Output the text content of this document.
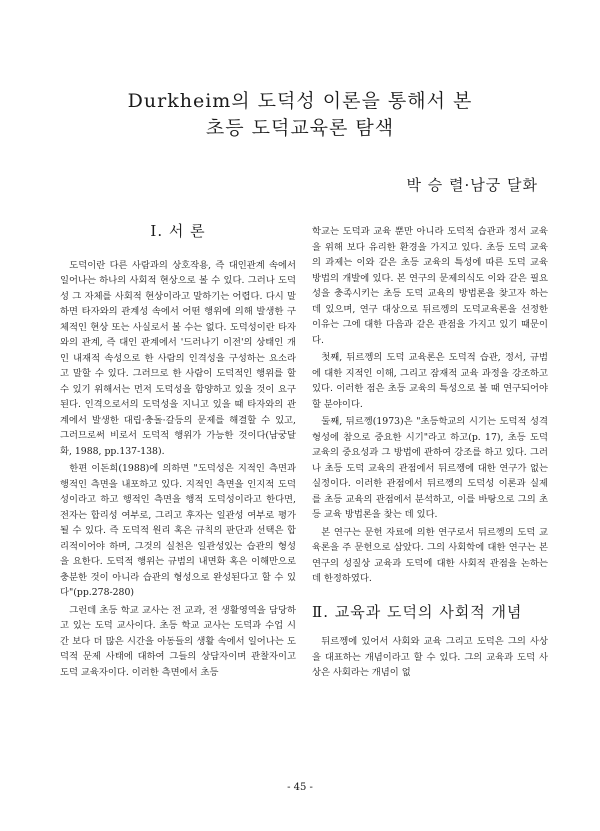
Durkheim의 도덕성 이론을 통해서 본
초등 도덕교육론 탐색
박 승 렬·남궁 달화
Ⅰ. 서 론

도덕이란 다른 사람과의 상호작용, 즉 대인관계 속에서 일어나는 하나의 사회적 현상으로 볼 수 있다. 그러나 도덕성 그 자체를 사회적 현상이라고 말하기는 어렵다. 다시 말하면 타자와의 관계성 속에서 어떤 행위에 의해 발생한 구체적인 현상 또는 사실로서 볼 수는 없다. 도덕성이란 타자와의 관계, 즉 대인 관계에서 '드러나기 이전'의 상태인 개인 내재적 속성으로 한 사람의 인격성을 구성하는 요소라고 말할 수 있다. 그러므로 한 사람이 도덕적인 행위를 할 수 있기 위해서는 먼저 도덕성을 함양하고 있을 것이 요구된다. 인격으로서의 도덕성을 지니고 있을 때 타자와의 관계에서 발생한 대립·충돌·갈등의 문제를 해결할 수 있고, 그러므로써 비로서 도덕적 행위가 가능한 것이다(남궁달화, 1988, pp.137-138).

한편 이돈희(1988)에 의하면 "도덕성은 지적인 측면과 행적인 측면을 내포하고 있다. 지적인 측면을 인지적 도덕성이라고 하고 행적인 측면을 행적 도덕성이라고 한다면, 전자는 합리성 여부로, 그리고 후자는 일관성 여부로 평가될 수 있다. 즉 도덕적 원리 혹은 규칙의 판단과 선택은 합리적이어야 하며, 그것의 실천은 일관성있는 습관의 형성을 요한다. 도덕적 행위는 규범의 내면화 혹은 이해만으로 충분한 것이 아니라 습관의 형성으로 완성된다고 할 수 있다"(pp.278-280)

그런데 초등 학교 교사는 전 교과, 전 생활영역을 담당하고 있는 도덕 교사이다. 초등 학교 교사는 도덕과 수업 시간 보다 더 많은 시간을 아동들의 생활 속에서 일어나는 도덕적 문제 사태에 대하여 그들의 상담자이며 관찰자이고 도덕 교육자이다. 이러한 측면에서 초등

학교는 도덕과 교육 뿐만 아니라 도덕적 습관과 정서 교육을 위해 보다 유리한 환경을 가지고 있다. 초등 도덕 교육의 과제는 이와 같은 초등 교육의 특성에 따른 도덕 교육 방법의 개발에 있다. 본 연구의 문제의식도 이와 같은 필요성을 충족시키는 초등 도덕 교육의 방법론을 찾고자 하는 데 있으며, 연구 대상으로 뒤르껭의 도덕교육론을 선정한이유는 그에 대한 다음과 같은 관점을 가지고 있기 때문이다.

첫째, 뒤르껭의 도덕 교육론은 도덕적 습관, 정서, 규범에 대한 지적인 이해, 그리고 잠재적 교육 과정을 강조하고 있다. 이러한 점은 초등 교육의 특성으로 볼 때 연구되어야 할 분야이다.

둘째, 뒤르껭(1973)은 "초등학교의 시기는 도덕적 성격 형성에 참으로 중요한 시기"라고 하고(p. 17), 초등 도덕 교육의 중요성과 그 방법에 관하여 강조를 하고 있다. 그러나 초등 도덕 교육의 관점에서 뒤르껭에 대한 연구가 없는 실정이다. 이러한 관점에서 뒤르껭의 도덕성 이론과 실제를 초등 교육의 관점에서 분석하고, 이를 바탕으로 그의 초등 교육 방법론을 찾는 데 있다.

본 연구는 문헌 자료에 의한 연구로서 뒤르껭의 도덕 교육론을 주 문헌으로 삼았다. 그의 사회학에 대한 연구는 본 연구의 성질상 교육과 도덕에 대한 사회적 관점을 논하는 데 한정하였다.

Ⅱ. 교육과 도덕의 사회적 개념

뒤르껭에 있어서 사회와 교육 그리고 도덕은 그의 사상을 대표하는 개념이라고 할 수 있다. 그의 교육과 도덕 사상은 사회라는 개념이 없

- 45 -
